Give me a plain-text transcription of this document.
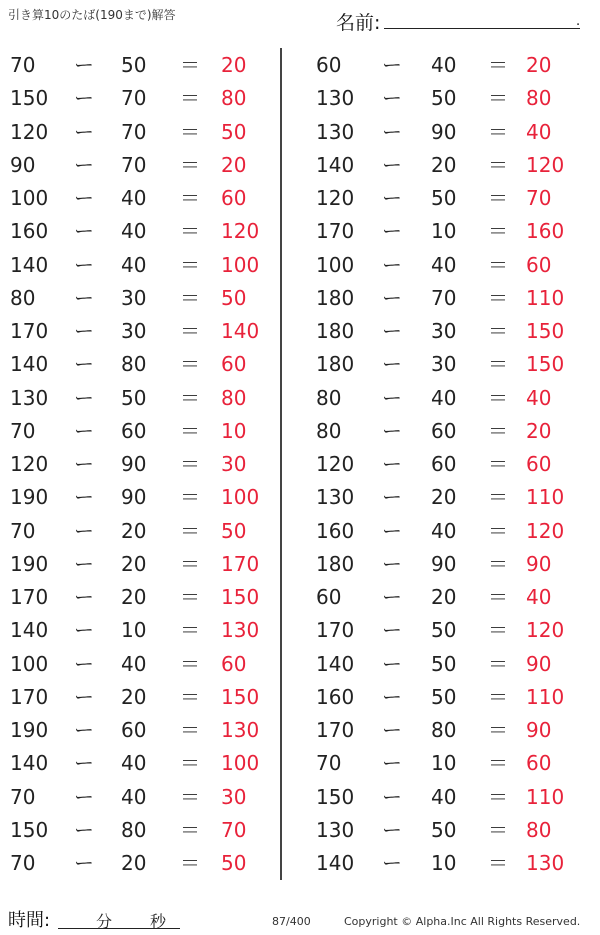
引き算10のたば(190まで)解答	名前:	.
70 ー 50 ＝ 20
150 ー 70 ＝ 80
120 ー 70 ＝ 50
90 ー 70 ＝ 20
100 ー 40 ＝ 60
160 ー 40 ＝ 120
140 ー 40 ＝ 100
80 ー 30 ＝ 50
170 ー 30 ＝ 140
140 ー 80 ＝ 60
130 ー 50 ＝ 80
70 ー 60 ＝ 10
120 ー 90 ＝ 30
190 ー 90 ＝ 100
70 ー 20 ＝ 50
190 ー 20 ＝ 170
170 ー 20 ＝ 150
140 ー 10 ＝ 130
100 ー 40 ＝ 60
170 ー 20 ＝ 150
190 ー 60 ＝ 130
140 ー 40 ＝ 100
70 ー 40 ＝ 30
150 ー 80 ＝ 70
70 ー 20 ＝ 50
60 ー 40 ＝ 20
130 ー 50 ＝ 80
130 ー 90 ＝ 40
140 ー 20 ＝ 120
120 ー 50 ＝ 70
170 ー 10 ＝ 160
100 ー 40 ＝ 60
180 ー 70 ＝ 110
180 ー 30 ＝ 150
180 ー 30 ＝ 150
80 ー 40 ＝ 40
80 ー 60 ＝ 20
120 ー 60 ＝ 60
130 ー 20 ＝ 110
160 ー 40 ＝ 120
180 ー 90 ＝ 90
60 ー 20 ＝ 40
170 ー 50 ＝ 120
140 ー 50 ＝ 90
160 ー 50 ＝ 110
170 ー 80 ＝ 90
70 ー 10 ＝ 60
150 ー 40 ＝ 110
130 ー 50 ＝ 80
140 ー 10 ＝ 130
時間:	分 秒	87/400	Copyright © Alpha.Inc All Rights Reserved.
